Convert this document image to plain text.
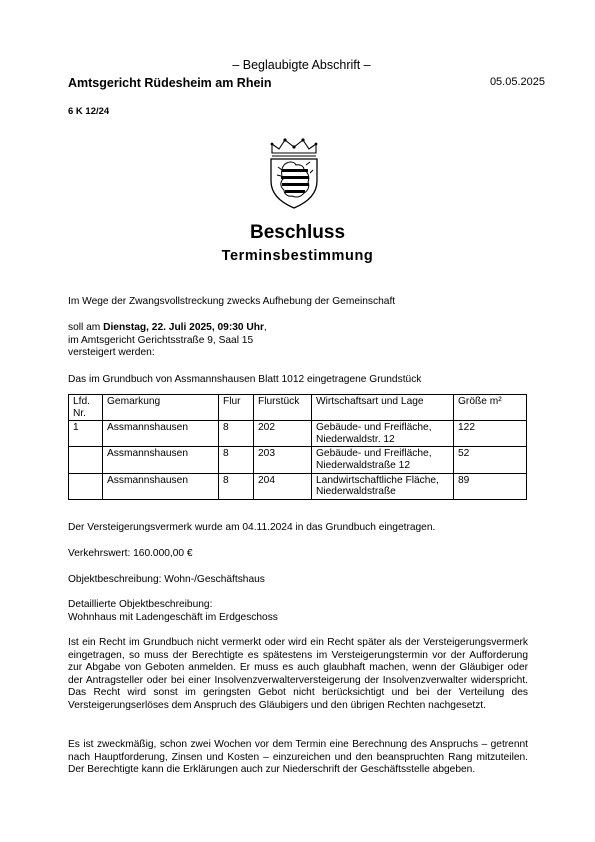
– Beglaubigte Abschrift –
Amtsgericht Rüdesheim am Rhein	05.05.2025
6 K 12/24
Beschluss
Terminsbestimmung
Im Wege der Zwangsvollstreckung zwecks Aufhebung der Gemeinschaft
soll am Dienstag, 22. Juli 2025, 09:30 Uhr,
im Amtsgericht Gerichtsstraße 9, Saal 15
versteigert werden:
Das im Grundbuch von Assmannshausen Blatt 1012 eingetragene Grundstück
Lfd. Nr.	Gemarkung	Flur	Flurstück	Wirtschaftsart und Lage	Größe m²
1	Assmannshausen	8	202	Gebäude- und Freifläche, Niederwaldstr. 12	122
	Assmannshausen	8	203	Gebäude- und Freifläche, Niederwaldstraße 12	52
	Assmannshausen	8	204	Landwirtschaftliche Fläche, Niederwaldstraße	89
Der Versteigerungsvermerk wurde am 04.11.2024 in das Grundbuch eingetragen.
Verkehrswert: 160.000,00 €
Objektbeschreibung: Wohn-/Geschäftshaus
Detaillierte Objektbeschreibung:
Wohnhaus mit Ladengeschäft im Erdgeschoss
Ist ein Recht im Grundbuch nicht vermerkt oder wird ein Recht später als der Versteigerungsvermerk eingetragen, so muss der Berechtigte es spätestens im Versteigerungstermin vor der Aufforderung zur Abgabe von Geboten anmelden. Er muss es auch glaubhaft machen, wenn der Gläubiger oder der Antragsteller oder bei einer Insolvenzverwalterversteigerung der Insolvenzverwalter widerspricht. Das Recht wird sonst im geringsten Gebot nicht berücksichtigt und bei der Verteilung des Versteigerungserlöses dem Anspruch des Gläubigers und den übrigen Rechten nachgesetzt.
Es ist zweckmäßig, schon zwei Wochen vor dem Termin eine Berechnung des Anspruchs – getrennt nach Hauptforderung, Zinsen und Kosten – einzureichen und den beanspruchten Rang mitzuteilen. Der Berechtigte kann die Erklärungen auch zur Niederschrift der Geschäftsstelle abgeben.
